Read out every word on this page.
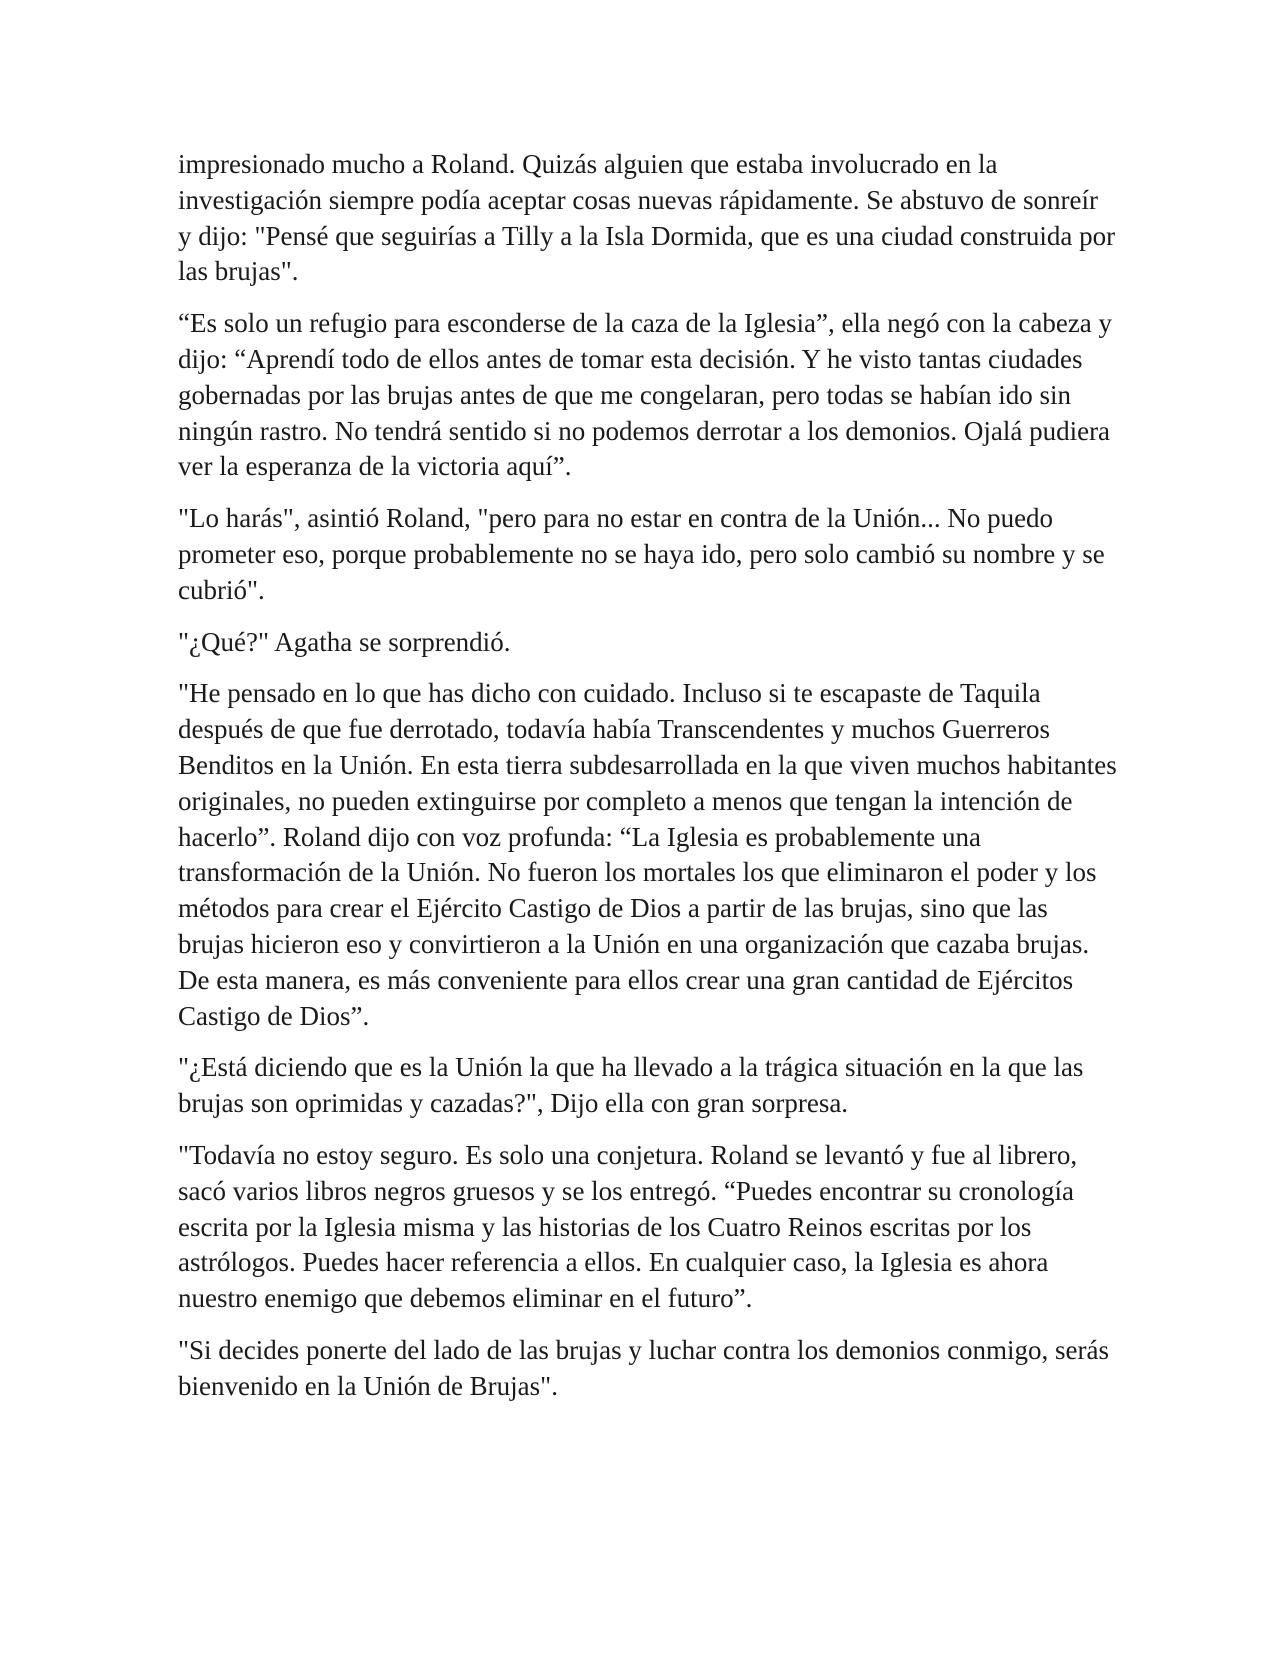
impresionado mucho a Roland. Quizás alguien que estaba involucrado en la investigación siempre podía aceptar cosas nuevas rápidamente. Se abstuvo de sonreír y dijo: "Pensé que seguirías a Tilly a la Isla Dormida, que es una ciudad construida por las brujas".

“Es solo un refugio para esconderse de la caza de la Iglesia”, ella negó con la cabeza y dijo: “Aprendí todo de ellos antes de tomar esta decisión. Y he visto tantas ciudades gobernadas por las brujas antes de que me congelaran, pero todas se habían ido sin ningún rastro. No tendrá sentido si no podemos derrotar a los demonios. Ojalá pudiera ver la esperanza de la victoria aquí”.

"Lo harás", asintió Roland, "pero para no estar en contra de la Unión... No puedo prometer eso, porque probablemente no se haya ido, pero solo cambió su nombre y se cubrió".

"¿Qué?" Agatha se sorprendió.

"He pensado en lo que has dicho con cuidado. Incluso si te escapaste de Taquila después de que fue derrotado, todavía había Transcendentes y muchos Guerreros Benditos en la Unión. En esta tierra subdesarrollada en la que viven muchos habitantes originales, no pueden extinguirse por completo a menos que tengan la intención de hacerlo”. Roland dijo con voz profunda: “La Iglesia es probablemente una transformación de la Unión. No fueron los mortales los que eliminaron el poder y los métodos para crear el Ejército Castigo de Dios a partir de las brujas, sino que las brujas hicieron eso y convirtieron a la Unión en una organización que cazaba brujas. De esta manera, es más conveniente para ellos crear una gran cantidad de Ejércitos Castigo de Dios”.

"¿Está diciendo que es la Unión la que ha llevado a la trágica situación en la que las brujas son oprimidas y cazadas?", Dijo ella con gran sorpresa.

"Todavía no estoy seguro. Es solo una conjetura. Roland se levantó y fue al librero, sacó varios libros negros gruesos y se los entregó. “Puedes encontrar su cronología escrita por la Iglesia misma y las historias de los Cuatro Reinos escritas por los astrólogos. Puedes hacer referencia a ellos. En cualquier caso, la Iglesia es ahora nuestro enemigo que debemos eliminar en el futuro”.

"Si decides ponerte del lado de las brujas y luchar contra los demonios conmigo, serás bienvenido en la Unión de Brujas".
